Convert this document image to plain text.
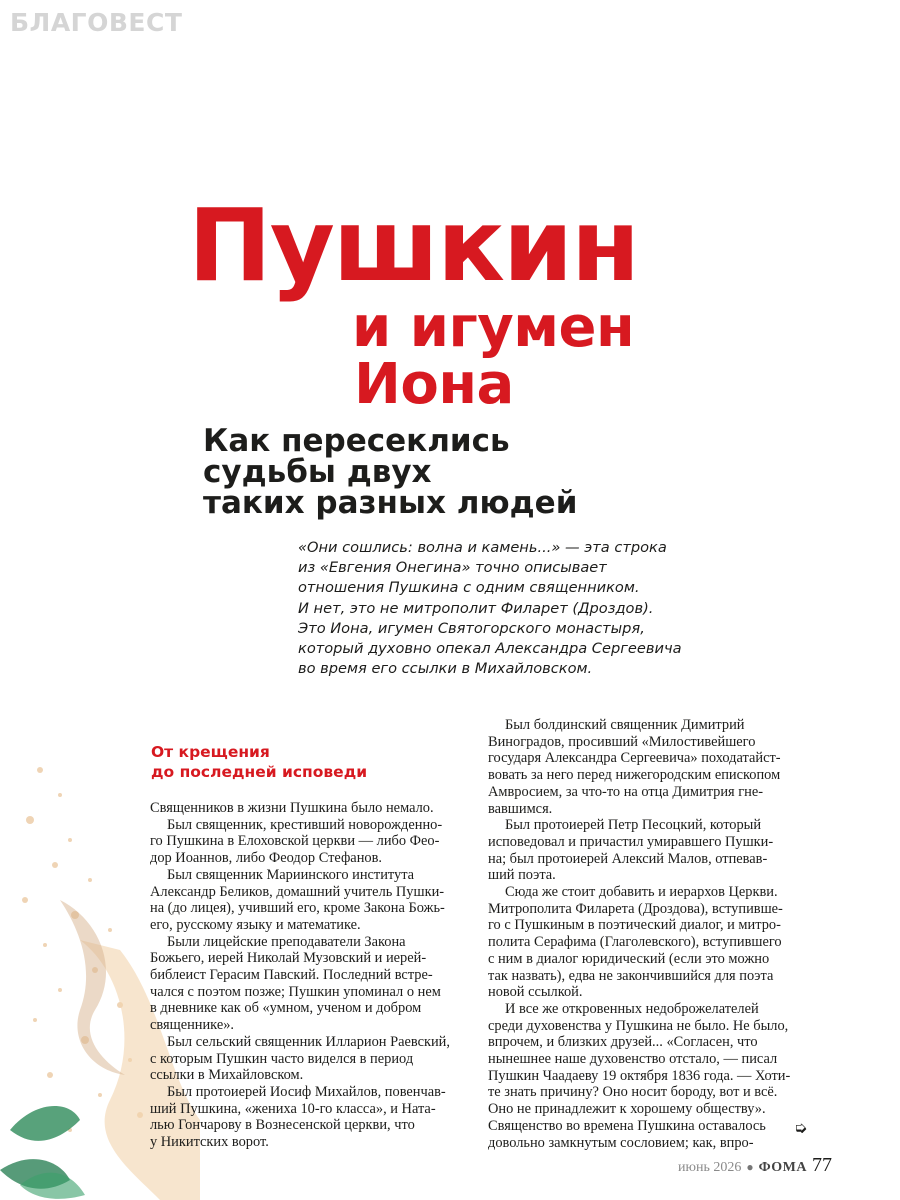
БЛАГОВЕСТ
Пушкин
и игумен
Иона
Как пересеклись
судьбы двух
таких разных людей

«Они сошлись: волна и камень...» — эта строка
из «Евгения Онегина» точно описывает
отношения Пушкина с одним священником.
И нет, это не митрополит Филарет (Дроздов).
Это Иона, игумен Святогорского монастыря,
который духовно опекал Александра Сергеевича
во время его ссылки в Михайловском.

От крещения
до последней исповеди

Священников в жизни Пушкина было немало.

Был священник, крестивший новорожденно-

го Пушкина в Елоховской церкви — либо Фео-

дор Иоаннов, либо Феодор Стефанов.

Был священник Мариинского института

Александр Беликов, домашний учитель Пушки-

на (до лицея), учивший его, кроме Закона Божь-

его, русскому языку и математике.

Были лицейские преподаватели Закона

Божьего, иерей Николай Музовский и иерей-

библеист Герасим Павский. Последний встре-

чался с поэтом позже; Пушкин упоминал о нем

в дневнике как об «умном, ученом и добром

священнике».

Был сельский священник Илларион Раевский,

с которым Пушкин часто виделся в период

ссылки в Михайловском.

Был протоиерей Иосиф Михайлов, повенчав-

ший Пушкина, «жениха 10-го класса», и Ната-

лью Гончарову в Вознесенской церкви, что

у Никитских ворот.

Был болдинский священник Димитрий

Виноградов, просивший «Милостивейшего

государя Александра Сергеевича» походатайст-

вовать за него перед нижегородским епископом

Амвросием, за что-то на отца Димитрия гне-

вавшимся.

Был протоиерей Петр Песоцкий, который

исповедовал и причастил умиравшего Пушки-

на; был протоиерей Алексий Малов, отпевав-

ший поэта.

Сюда же стоит добавить и иерархов Церкви.

Митрополита Филарета (Дроздова), вступивше-

го с Пушкиным в поэтический диалог, и митро-

полита Серафима (Глаголевского), вступившего

с ним в диалог юридический (если это можно

так назвать), едва не закончившийся для поэта

новой ссылкой.

И все же откровенных недоброжелателей

среди духовенства у Пушкина не было. Не было,

впрочем, и близких друзей... «Согласен, что

нынешнее наше духовенство отстало, — писал

Пушкин Чаадаеву 19 октября 1836 года. — Хоти-

те знать причину? Оно носит бороду, вот и всё.

Оно не принадлежит к хорошему обществу».

Священство во времена Пушкина оставалось

довольно замкнутым сословием; как, впро-

➭
июнь 2026 ● ФОМА 77
